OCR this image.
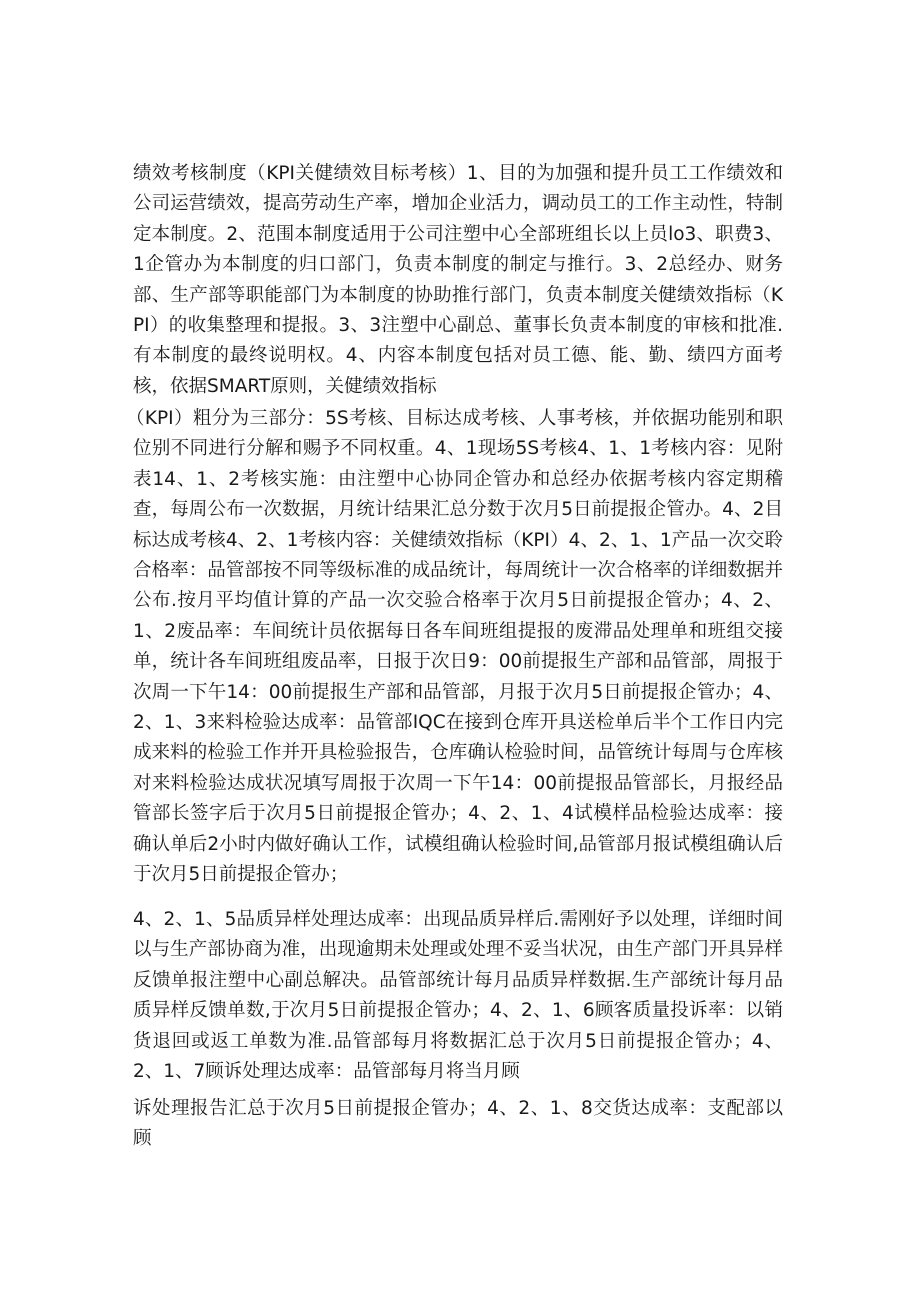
绩效考核制度（KPI关健绩效目标考核）1、目的为加强和提升员工工作绩效和公司运营绩效，提高劳动生产率，增加企业活力，调动员工的工作主动性，特制定本制度。2、范围本制度适用于公司注塑中心全部班组长以上员lo3、职费3、1企管办为本制度的归口部门，负责本制度的制定与推行。3、2总经办、财务部、生产部等职能部门为本制度的协助推行部门，负责本制度关健绩效指标（KPI）的收集整理和提报。3、3注塑中心副总、董事长负责本制度的审核和批准.有本制度的最终说明权。4、内容本制度包括对员工德、能、勤、绩四方面考核，依据SMART原则，关健绩效指标

（KPI）粗分为三部分：5S考核、目标达成考核、人事考核，并依据功能别和职位别不同进行分解和赐予不同权重。4、1现场5S考核4、1、1考核内容：见附表14、1、2考核实施：由注塑中心协同企管办和总经办依据考核内容定期稽查，每周公布一次数据，月统计结果汇总分数于次月5日前提报企管办。4、2目标达成考核4、2、1考核内容：关健绩效指标（KPI）4、2、1、1产品一次交聆合格率：品管部按不同等级标准的成品统计，每周统计一次合格率的详细数据并公布.按月平均值计算的产品一次交验合格率于次月5日前提报企管办；4、2、1、2废品率：车间统计员依据每日各车间班组提报的废滞品处理单和班组交接单，统计各车间班组废品率，日报于次日9：00前提报生产部和品管部，周报于次周一下午14：00前提报生产部和品管部，月报于次月5日前提报企管办；4、2、1、3来料检验达成率：品管部IQC在接到仓库开具送检单后半个工作日内完成来料的检验工作并开具检验报告，仓库确认检验时间，品管统计每周与仓库核对来料检验达成状况填写周报于次周一下午14：00前提报品管部长，月报经品管部长签字后于次月5日前提报企管办；4、2、1、4试模样品检验达成率：接确认单后2小时内做好确认工作，试模组确认检验时间,品管部月报试模组确认后于次月5日前提报企管办；

4、2、1、5品质异样处理达成率：出现品质异样后.需刚好予以处理，详细时间以与生产部协商为准，出现逾期未处理或处理不妥当状况，由生产部门开具异样反馈单报注塑中心副总解决。品管部统计每月品质异样数据.生产部统计每月品质异样反馈单数,于次月5日前提报企管办；4、2、1、6顾客质量投诉率：以销货退回或返工单数为准.品管部每月将数据汇总于次月5日前提报企管办；4、2、1、7顾诉处理达成率：品管部每月将当月顾

诉处理报告汇总于次月5日前提报企管办；4、2、1、8交货达成率：支配部以顾
